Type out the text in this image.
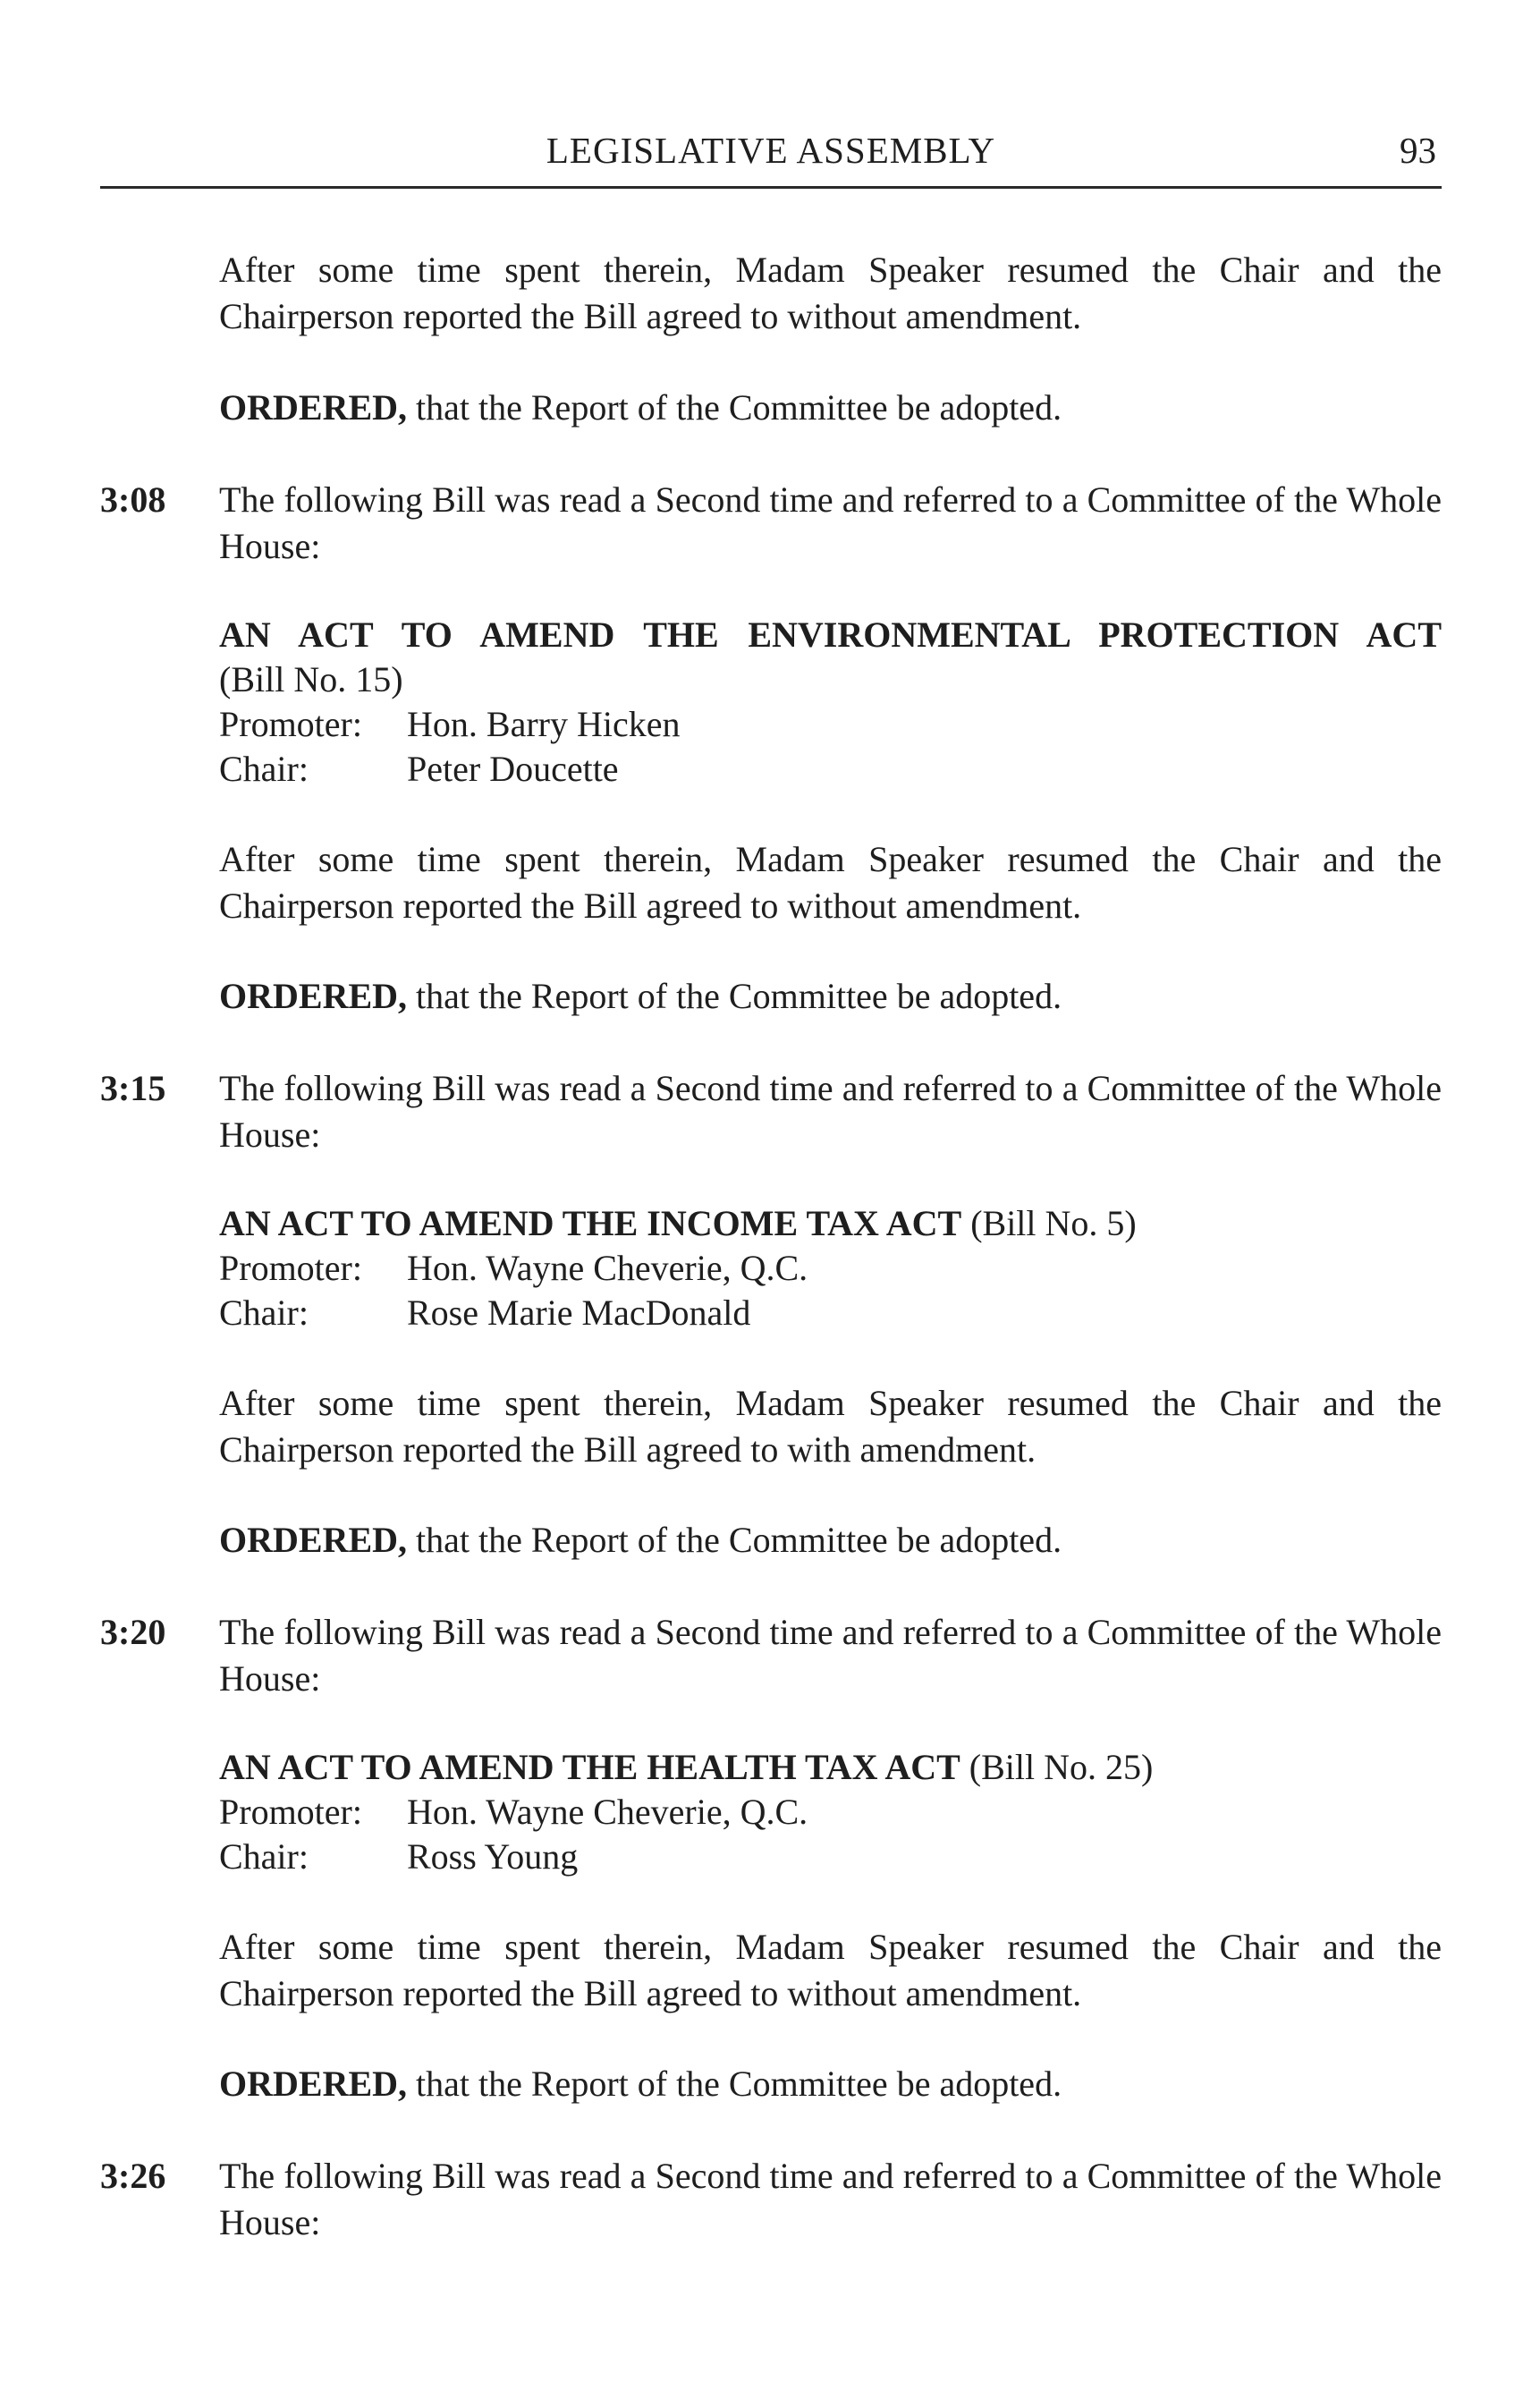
LEGISLATIVE ASSEMBLY	93
After some time spent therein, Madam Speaker resumed the Chair and the Chairperson reported the Bill agreed to without amendment.
ORDERED, that the Report of the Committee be adopted.
3:08 The following Bill was read a Second time and referred to a Committee of the Whole House:
AN ACT TO AMEND THE ENVIRONMENTAL PROTECTION ACT
(Bill No. 15)
Promoter: Hon. Barry Hicken
Chair:	Peter Doucette
After some time spent therein, Madam Speaker resumed the Chair and the Chairperson reported the Bill agreed to without amendment.
ORDERED, that the Report of the Committee be adopted.
3:15 The following Bill was read a Second time and referred to a Committee of the Whole House:
AN ACT TO AMEND THE INCOME TAX ACT (Bill No. 5)
Promoter: Hon. Wayne Cheverie, Q.C.
Chair:	Rose Marie MacDonald
After some time spent therein, Madam Speaker resumed the Chair and the Chairperson reported the Bill agreed to with amendment.
ORDERED, that the Report of the Committee be adopted.
3:20 The following Bill was read a Second time and referred to a Committee of the Whole House:
AN ACT TO AMEND THE HEALTH TAX ACT (Bill No. 25)
Promoter: Hon. Wayne Cheverie, Q.C.
Chair:	Ross Young
After some time spent therein, Madam Speaker resumed the Chair and the Chairperson reported the Bill agreed to without amendment.
ORDERED, that the Report of the Committee be adopted.
3:26 The following Bill was read a Second time and referred to a Committee of the Whole House:
